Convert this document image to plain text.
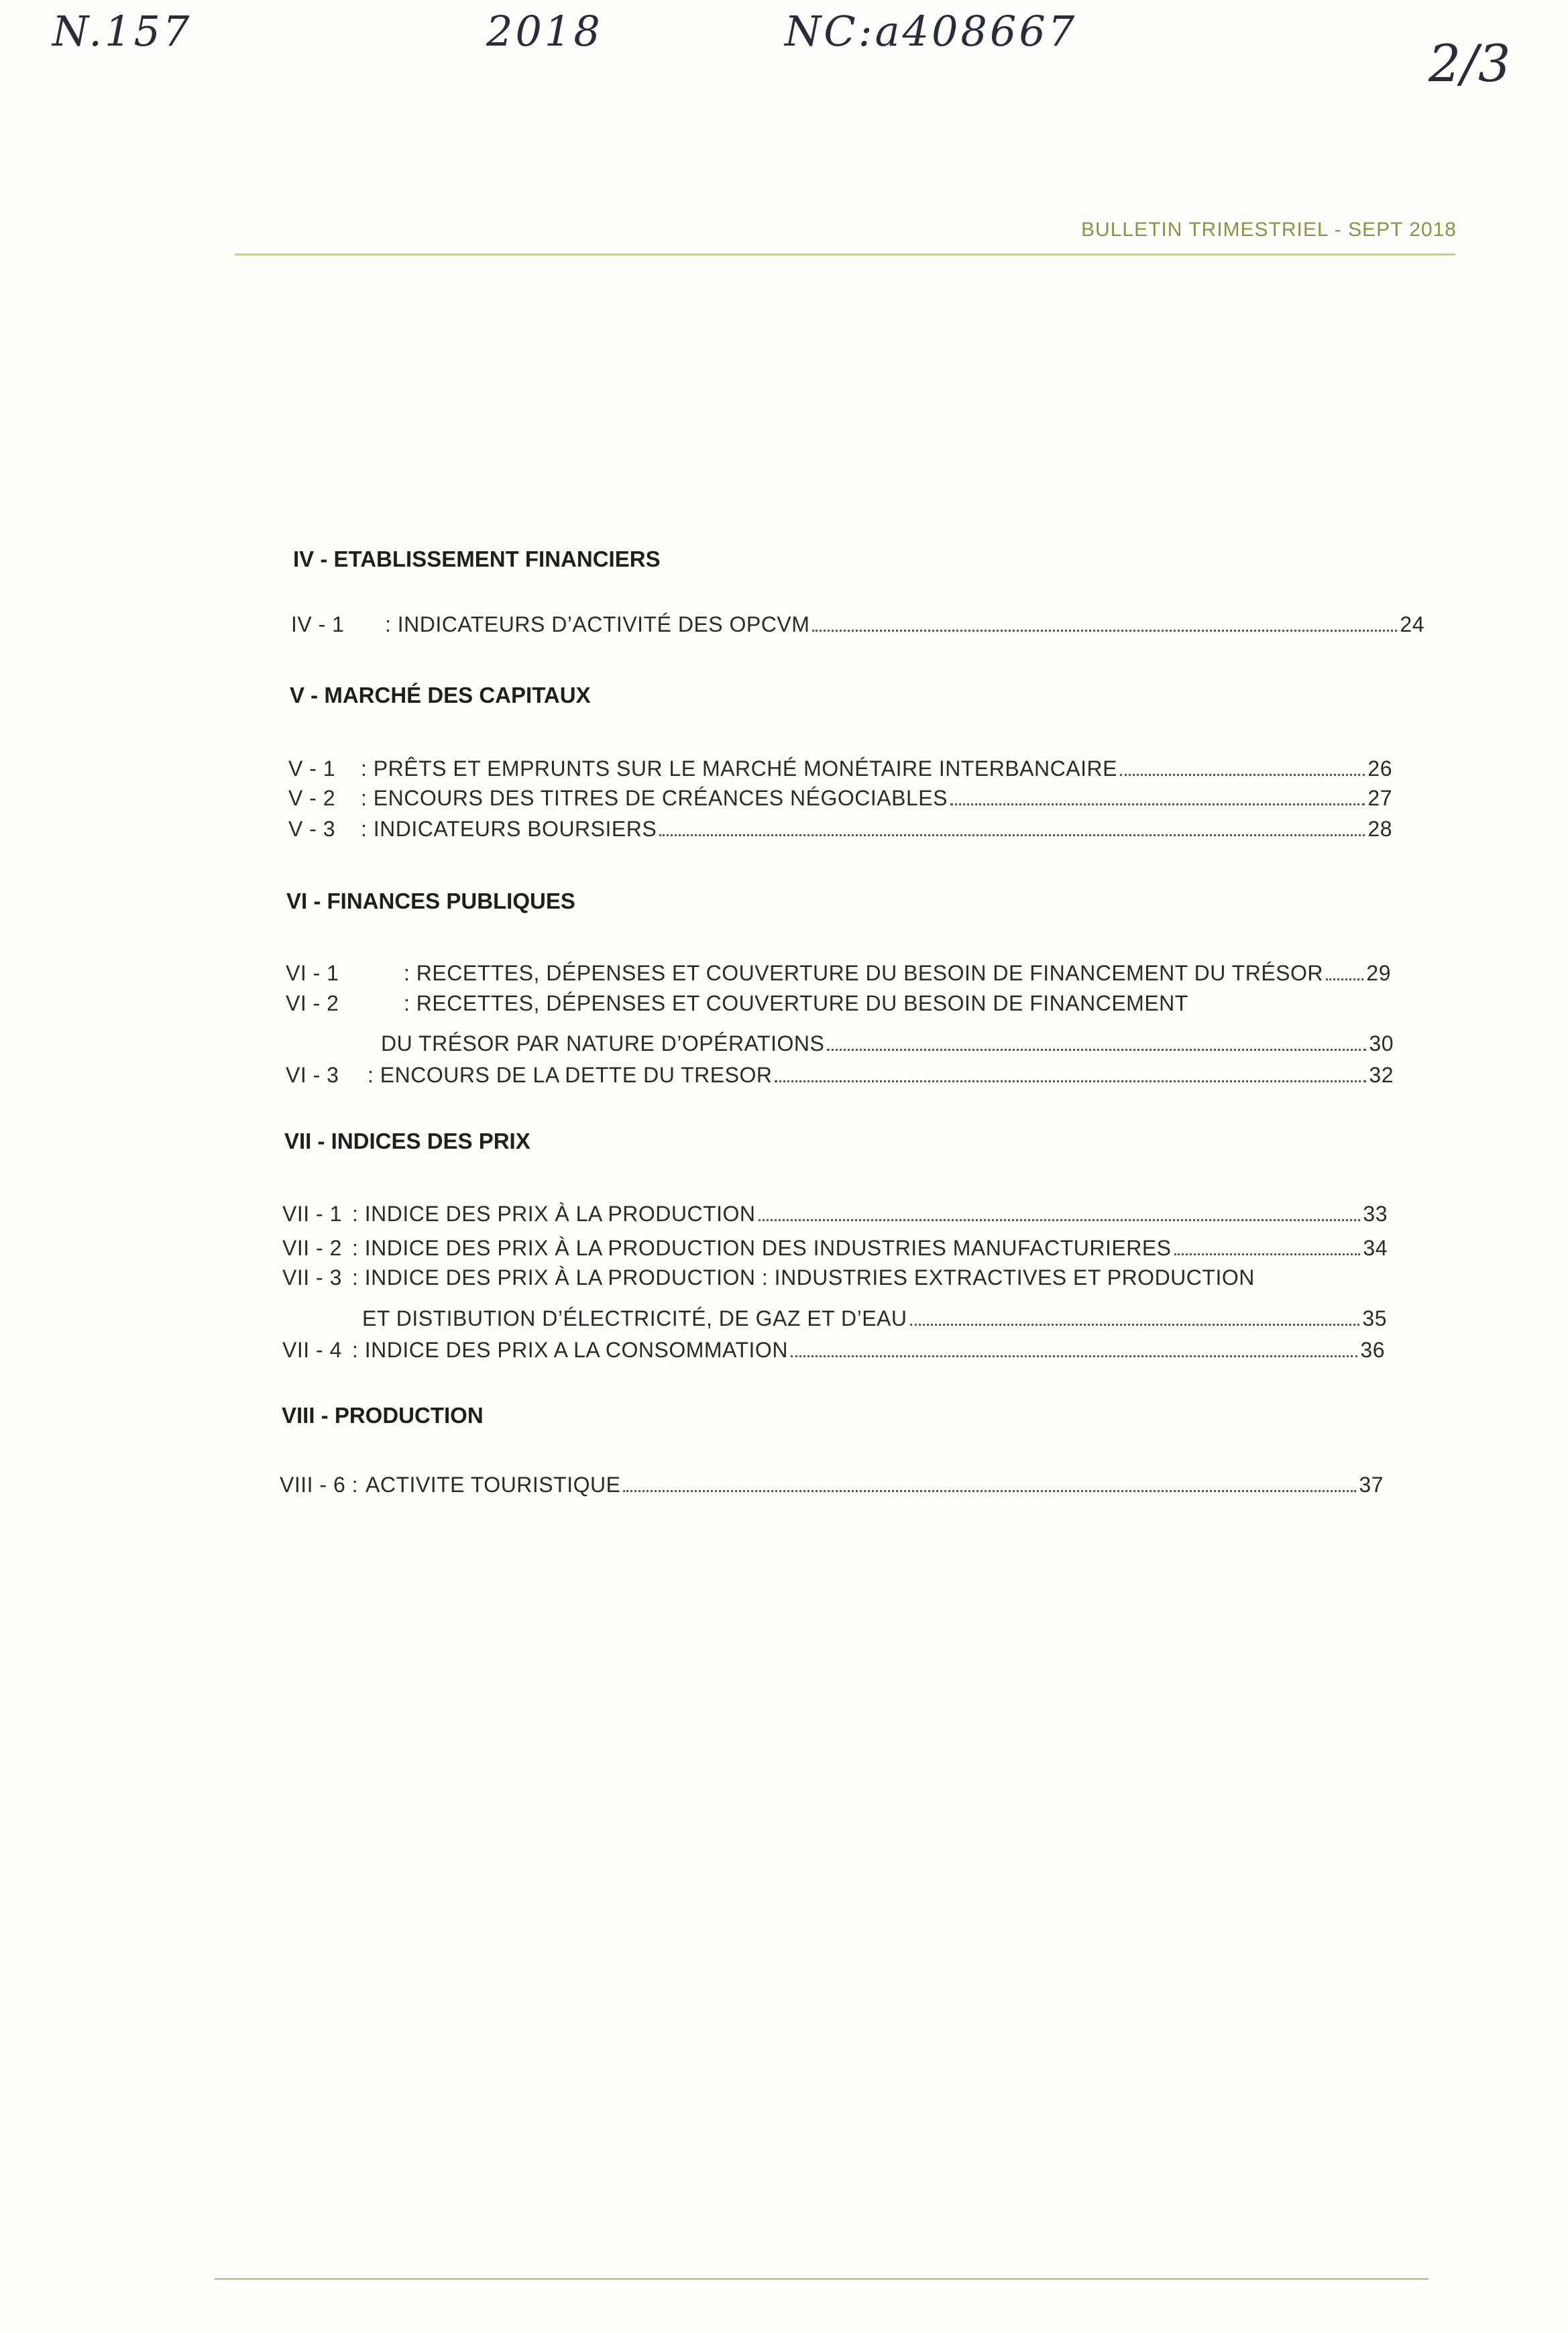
N.157	2018	NC:a408667
2/3
BULLETIN TRIMESTRIEL - SEPT 2018
IV - ETABLISSEMENT FINANCIERS
IV - 1	: INDICATEURS D’ACTIVITÉ DES OPCVM	24
V - MARCHÉ DES CAPITAUX
V - 1	: PRÊTS ET EMPRUNTS SUR LE MARCHÉ MONÉTAIRE INTERBANCAIRE	26
V - 2	: ENCOURS DES TITRES DE CRÉANCES NÉGOCIABLES	27
V - 3	: INDICATEURS BOURSIERS	28
VI - FINANCES PUBLIQUES
VI - 1	: RECETTES, DÉPENSES ET COUVERTURE DU BESOIN DE FINANCEMENT DU TRÉSOR 29
VI - 2	: RECETTES, DÉPENSES ET COUVERTURE DU BESOIN DE FINANCEMENT
DU TRÉSOR PAR NATURE D’OPÉRATIONS	30
VI - 3	: ENCOURS DE LA DETTE DU TRESOR	32
VII - INDICES DES PRIX
VII - 1 : INDICE DES PRIX À LA PRODUCTION	33
VII - 2 : INDICE DES PRIX À LA PRODUCTION DES INDUSTRIES MANUFACTURIERES	34
VII - 3 : INDICE DES PRIX À LA PRODUCTION : INDUSTRIES EXTRACTIVES ET PRODUCTION
ET DISTIBUTION D’ÉLECTRICITÉ, DE GAZ ET D’EAU	35
VII - 4 : INDICE DES PRIX A LA CONSOMMATION	36
VIII - PRODUCTION
VIII - 6 : ACTIVITE TOURISTIQUE	37
